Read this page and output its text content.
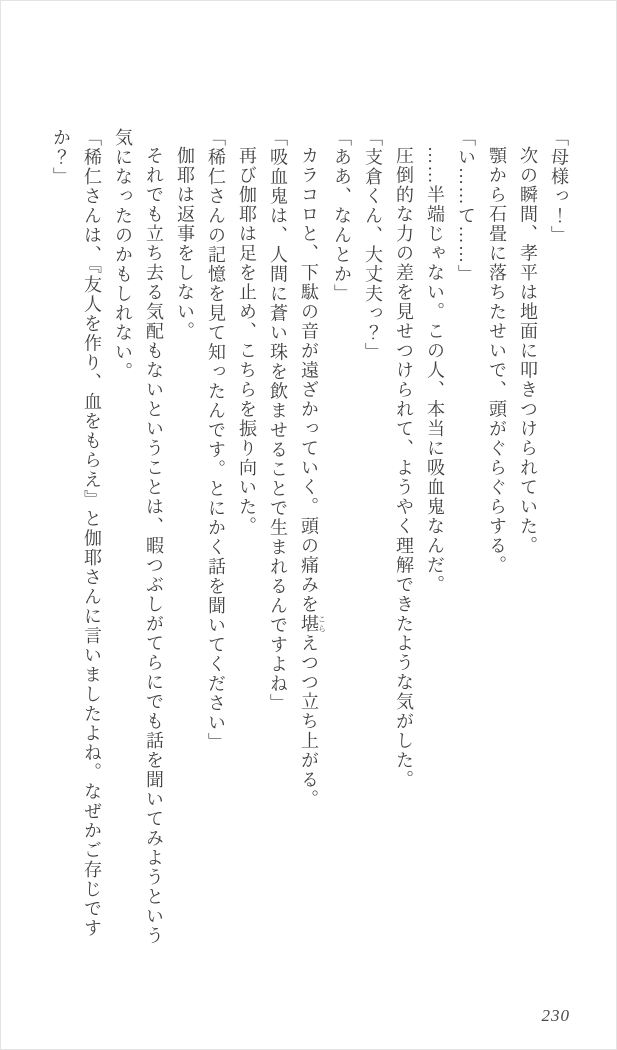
「母様っ！」

次の瞬間、孝平は地面に叩きつけられていた。

顎から石畳に落ちたせいで、頭がぐらぐらする。

「い……て……」

……半端じゃない。この人、本当に吸血鬼なんだ。

圧倒的な力の差を見せつけられて、ようやく理解できたような気がした。

「支倉くん、大丈夫っ？」

「ああ、なんとか」

カラコロと、下駄の音が遠ざかっていく。頭の痛みを堪こらえつつ立ち上がる。

「吸血鬼は、人間に蒼い珠を飲ませることで生まれるんですよね」

再び伽耶は足を止め、こちらを振り向いた。

「稀仁さんの記憶を見て知ったんです。とにかく話を聞いてください」

伽耶は返事をしない。

それでも立ち去る気配もないということは、暇つぶしがてらにでも話を聞いてみようという気になったのかもしれない。

「稀仁さんは、『友人を作り、血をもらえ』と伽耶さんに言いましたよね。なぜかご存じですか？」

230
